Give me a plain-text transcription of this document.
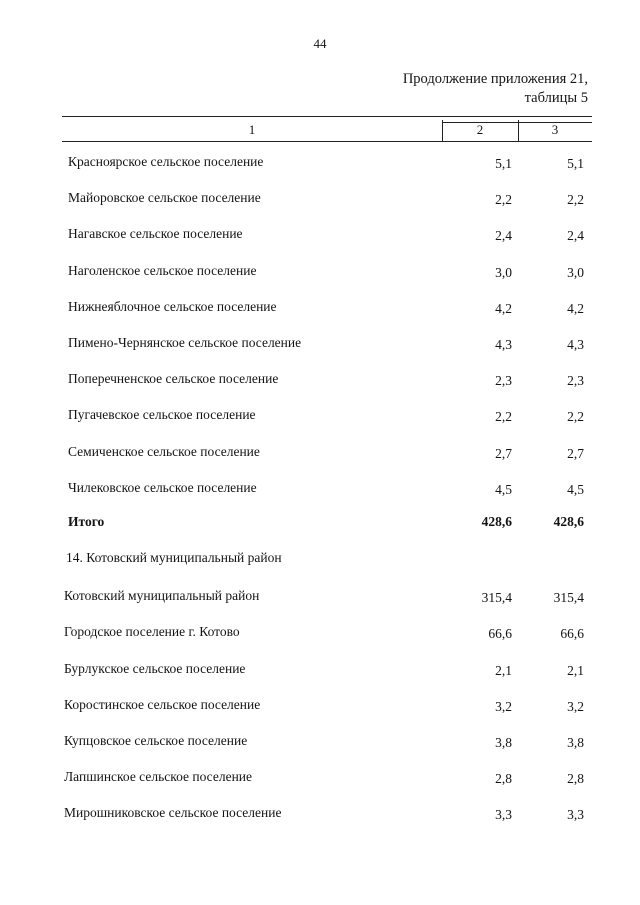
44
Продолжение приложения 21,
таблицы 5
1	2	3
Красноярское сельское поселение	5,1	5,1
Майоровское сельское поселение	2,2	2,2
Нагавское сельское поселение	2,4	2,4
Наголенское сельское поселение	3,0	3,0
Нижнеяблочное сельское поселение	4,2	4,2
Пимено-Чернянское сельское поселение	4,3	4,3
Поперечненское сельское поселение	2,3	2,3
Пугачевское сельское поселение	2,2	2,2
Семиченское сельское поселение	2,7	2,7
Чилековское сельское поселение	4,5	4,5
Итого	428,6	428,6
14. Котовский муниципальный район
Котовский муниципальный район	315,4	315,4
Городское поселение г. Котово	66,6	66,6
Бурлукское сельское поселение	2,1	2,1
Коростинское сельское поселение	3,2	3,2
Купцовское сельское поселение	3,8	3,8
Лапшинское сельское поселение	2,8	2,8
Мирошниковское сельское поселение	3,3	3,3
